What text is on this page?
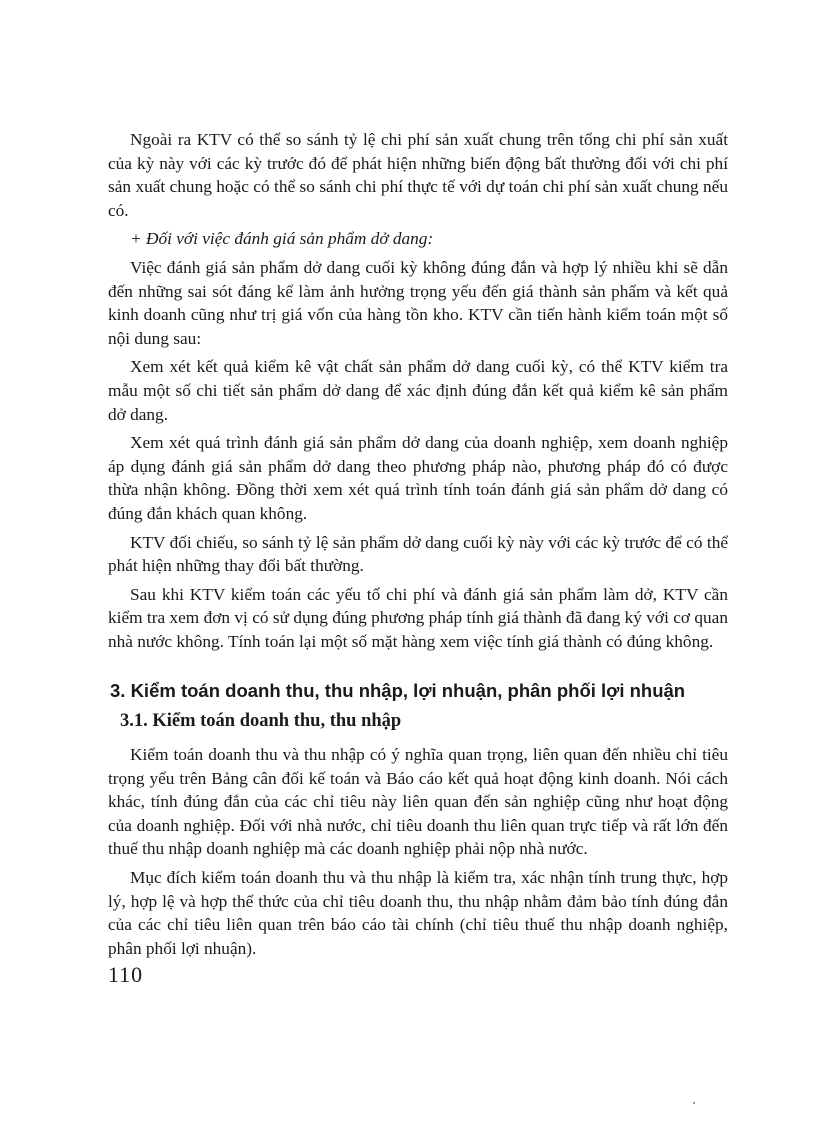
Ngoài ra KTV có thể so sánh tỷ lệ chi phí sản xuất chung trên tổng chi phí sản xuất của kỳ này với các kỳ trước đó để phát hiện những biến động bất thường đối với chi phí sản xuất chung hoặc có thể so sánh chi phí thực tế với dự toán chi phí sản xuất chung nếu có.

+ Đối với việc đánh giá sản phẩm dở dang:

Việc đánh giá sản phẩm dở dang cuối kỳ không đúng đắn và hợp lý nhiều khi sẽ dẫn đến những sai sót đáng kể làm ảnh hưởng trọng yếu đến giá thành sản phẩm và kết quả kinh doanh cũng như trị giá vốn của hàng tồn kho. KTV cần tiến hành kiểm toán một số nội dung sau:

Xem xét kết quả kiểm kê vật chất sản phẩm dở dang cuối kỳ, có thể KTV kiểm tra mẫu một số chi tiết sản phẩm dở dang để xác định đúng đắn kết quả kiểm kê sản phẩm dở dang.

Xem xét quá trình đánh giá sản phẩm dở dang của doanh nghiệp, xem doanh nghiệp áp dụng đánh giá sản phẩm dở dang theo phương pháp nào, phương pháp đó có được thừa nhận không. Đồng thời xem xét quá trình tính toán đánh giá sản phẩm dở dang có đúng đắn khách quan không.

KTV đối chiếu, so sánh tỷ lệ sản phẩm dở dang cuối kỳ này với các kỳ trước để có thể phát hiện những thay đổi bất thường.

Sau khi KTV kiểm toán các yếu tố chi phí và đánh giá sản phẩm làm dở, KTV cần kiểm tra xem đơn vị có sử dụng đúng phương pháp tính giá thành đã đang ký với cơ quan nhà nước không. Tính toán lại một số mặt hàng xem việc tính giá thành có đúng không.

3. Kiểm toán doanh thu, thu nhập, lợi nhuận, phân phối lợi nhuận
3.1. Kiểm toán doanh thu, thu nhập

Kiểm toán doanh thu và thu nhập có ý nghĩa quan trọng, liên quan đến nhiều chỉ tiêu trọng yếu trên Bảng cân đối kế toán và Báo cáo kết quả hoạt động kinh doanh. Nói cách khác, tính đúng đắn của các chỉ tiêu này liên quan đến sản nghiệp cũng như hoạt động của doanh nghiệp. Đối với nhà nước, chỉ tiêu doanh thu liên quan trực tiếp và rất lớn đến thuế thu nhập doanh nghiệp mà các doanh nghiệp phải nộp nhà nước.

Mục đích kiểm toán doanh thu và thu nhập là kiểm tra, xác nhận tính trung thực, hợp lý, hợp lệ và hợp thể thức của chỉ tiêu doanh thu, thu nhập nhằm đảm bảo tính đúng đắn của các chỉ tiêu liên quan trên báo cáo tài chính (chỉ tiêu thuế thu nhập doanh nghiệp, phân phối lợi nhuận).

110
